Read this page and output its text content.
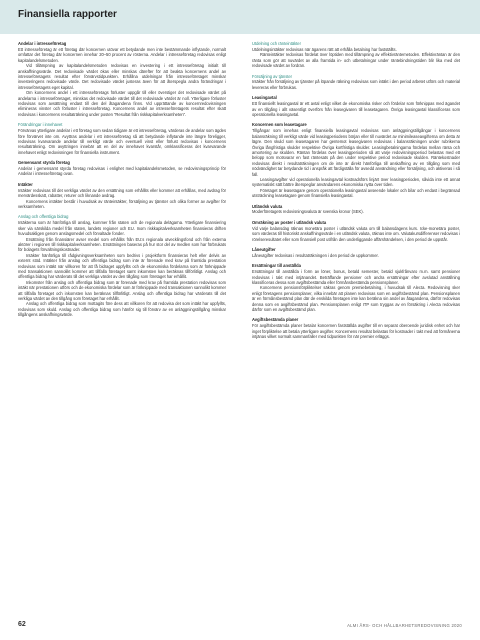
Finansiella rapporter
Andelar i intresseföretag
Ett intresseföretag är ett företag där koncernen utövar ett betydande men inte bestämmande inflytande, normalt omfattar det företag där koncernen innehar 20–50 procent av rösterna. Andelar i intresseföretag redovisas enligt kapitalandelsmetoden.
Vid tillämpning av kapitalandelsmetoden redovisas en investering i ett intresseföretag initialt till anskaffningsvärde. Det redovisade värdet ökas eller minskas därefter för att beakta koncernens andel av intresseföretagets resultat efter förvärvstidpunkten. Erhållna utdelningar från intresseföretaget minskar investeringens redovisade värde. Det redovisade värdet justeras även för att återspegla andra förändringar i intresseföretagets eget kapital.
Om koncernens andel i ett intresseföretags förluster uppgår till eller överstiger det redovisade värdet på andelarna i intresseföretaget, minskas det redovisade värdet till det redovisade värdet är noll. Ytterligare förluster redovisas som avsättning endast till den del åtagandena finns. Vid upprättande av koncernredovisningen elimineras vinster och förluster i intresseföretag. Koncernens andel av intresseföretagets resultat efter skatt redovisas i koncernens resultaträkning under posten ”Resultat från riskkapitalverksamheten”.
Förändringar i innehavet
Förvärvas ytterligare andelar i ett företag som sedan tidigare är ett intresseföretag, värderas de andelar som ägdes före förvärvet inte om. Avyttras andelar i ett intresseföretag så att betydande inflytande inte längre föreligger, redovisas kvarvarande andelar till verkligt värde och eventuell vinst eller förlust redovisas i koncernens resultaträkning. Om avyttringen innebär att en del av innehavet kvarstår, omklassificeras det kvarvarande innehavet enligt redovisningen för finansiella instrument.
Gemensamt styrda företag
Andelar i gemensamt styrda företag redovisas i enlighet med kapitalandelsmetoden, se redovisningsprincip för Andelar i intresseföretag ovan.
Intäkter
Intäkter redovisas till det verkliga värdet av den ersättning som erhållits eller kommer att erhållas, med avdrag för mervärdesskatt, rabatter, returer och liknande avdrag.
Koncernens intäkter består i huvudsak av ränteintäkter, försäljning av tjänster och olika former av avgifter för verksamheten.
Anslag och offentliga bidrag
Intäkterna som är hänförliga till anslag, kommer från staten och de regionala delägarna. Ytterligare finansiering sker via särskilda medel från staten, landets regioner och EU. Inom riskkapitalverksamheten finansieras driften huvudsakligen genom anslagsmedel och förvaltade fonder.
Ersättning från finansiärer avser medel som erhållits från EU:s regionala utvecklingsfond och från externa aktörer i regionen till riskkapitalverksamheten. Ersättningen baseras på hur stor del av medlen som har förbrukats för bolagets förvaltningskostnader.
Intäkter hänförliga till rådgivningsverksamheten som bedrivs i projektform finansieras helt eller delvis av externt stöd. Intäkter från anslag och offentliga bidrag som inte är förenade med krav på framtida prestation redovisas som intäkt när villkoren för att få bidraget uppfyllts och de ekonomiska fördelarna som är förknippade med transaktionen sannolikt kommer att tillfalla företaget samt inkomsten kan beräknas tillförlitligt. Anslag och offentliga bidrag har värderats till det verkliga värdet av den tillgång som företaget har erhållit.
Inkomster från anslag och offentliga bidrag som är förenade med krav på framtida prestation redovisas som intäkt när prestationen utförs och de ekonomiska fördelar som är förknippade med transaktionen sannolikt kommer att tillfalla företaget och inkomsten kan beräknas tillförlitligt. Anslag och offentliga bidrag har värderats till det verkliga värdet av den tillgång som företaget har erhållit.
Anslag och offentliga bidrag som mottagits före dess att villkoren för att redovisa det som intäkt har uppfyllts, redovisas som skuld. Anslag och offentliga bidrag som hänför sig till förvärv av en anläggningstillgång minskar tillgångens anskaffningsvärde.
Utdelning och ränteintäkter
Utdelningsintäkter redovisas när ägarens rätt att erhålla betalning har fastställts.
Ränteintäkter redovisas fördelat över löptiden med tillämpning av effektivräntemetoden. Effektivräntan är den ränta som gör att nuvärdet av alla framtida in- och utbetalningar under räntebindningstiden blir lika med det redovisade värdet av fordran.
Försäljning av tjänster
Intäkter från försäljning av tjänster på löpande räkning redovisas som intäkt i den period arbetet utförs och material levereras eller förbrukas.
Leasingavtal
Ett finansiellt leasingavtal är ett avtal enligt vilket de ekonomiska risker och fördelar som förknippas med ägandet av en tillgång i allt väsentligt överförs från leasegivaren till leasetagaren. Övriga leasingavtal klassificeras som operationella leasingavtal.
Koncernen som leasetagare
Tillgångar som innehas enligt finansiella leasingavtal redovisas som anläggningstillgångar i koncernens balansräkning till verkligt värde vid leasingperiodens början eller till nuvärdet av minimileaseavgifterna om detta är lägre. Den skuld som leasetagaren har gentemot leasegivaren redovisas i balansräkningen under rubrikerna Övriga långfristiga skulder respektive Övriga kortfristiga skulder. Leasingbetalningarna fördelas mellan ränta och amortering av skulden. Räntan fördelas över leasingperioden så att varje redovisningsperiod belastas med ett belopp som motsvarar en fast räntesats på den under respektive period redovisade skulden. Räntekostnader redovisas direkt i resultaträkningen om de inte är direkt hänförliga till anskaffning av en tillgång som med nödvändighet tar betydande tid i anspråk att färdigställa för avsedd användning eller försäljning, och aktiveras i så fall.
Leasingavgifter vid operationella leasingavtal kostnadsförs linjärt över leasingperioden, såvida inte ett annat systematiskt sätt bättre återspeglar användarens ekonomiska nytta över tiden.
Företaget är leasetagare genom operationella leasingavtal avseende lokaler och bilar och endast i begränsad utsträckning leasetagare genom finansiella leasingavtal.
Utländsk valuta
Moderföretagets redovisningsvaluta är svenska kronor (SEK).
Omräkning av poster i utländsk valuta
Vid varje balansdag räknas monetära poster i utländsk valuta om till balansdagens kurs. Icke-monetära poster, som värderas till historiskt anskaffningsvärde i en utländsk valuta, räknas inte om. Valutakursdifferenser redovisas i rörelseresultatet eller som finansiell post utifrån den underliggande affärshändelsen, i den period de uppstår.
Låneutgifter
Låneutgifter redovisas i resultaträkningen i den period de uppkommer.
Ersättningar till anställda
Ersättningar till anställda i form av löner, bonus, betald semester, betald sjukfrånvaro m.m. samt pensioner redovisas i takt med intjänandet. Beträffande pensioner och andra ersättningar efter avslutad anställning klassificeras dessa som avgiftsbestämda eller förmånsbestämda pensionsplaner.
Koncernens pensionsförpliktelser säkras genom premiebetalning, i huvudsak till Alecta. Redovisning sker enligt företagens pensionsplaner, vilka innebär att planen redovisas som en avgiftsbestämd plan. Pensionsplanen är en förmånsbestämd plan där de enskilda företagen inte kan beräkna sin andel av åtagandena, därför redovisas denna som en avgiftsbestämd plan. Pensionsplanen enligt ITP som tryggas av en försäkring i Alecta redovisas därför som en avgiftsbestämd plan.
Avgiftsbestämda planer
För avgiftsbestämda planer betalar koncernen fastställda avgifter till en separat oberoende juridisk enhet och har inget förpliktelse att betala ytterligare avgifter. Koncernens resultat belastas för kostnader i takt med att förmånerna intjänas vilket normalt sammanfaller med tidpunkten för när premier erläggs.
62	ALMI ÅRS- OCH HÅLLBARHETSREDOVISNING 2020
